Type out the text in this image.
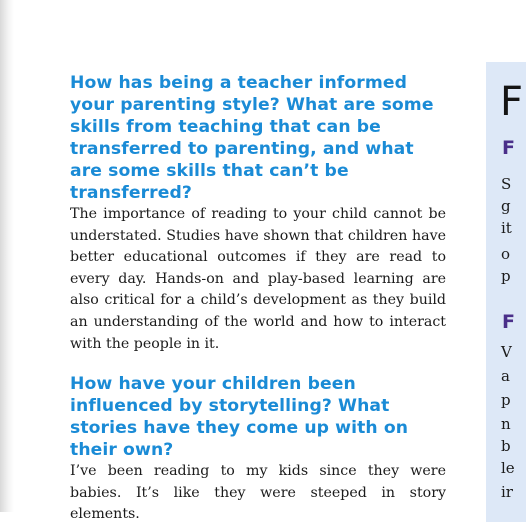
How has being a teacher informed your parenting style? What are some skills from teaching that can be transferred to parenting, and what are some skills that can’t be transferred?

The importance of reading to your child cannot be understated. Studies have shown that children have better educational outcomes if they are read to every day. Hands-on and play-based learning are also critical for a child’s development as they build an understanding of the world and how to interact with the people in it.

How have your children been influenced by storytelling? What stories have they come up with on their own?

I’ve been reading to my kids since they were babies. It’s like they were steeped in story elements.

F
F
S
g
it
o
p
F
V
a
p
n
b
le
ir
